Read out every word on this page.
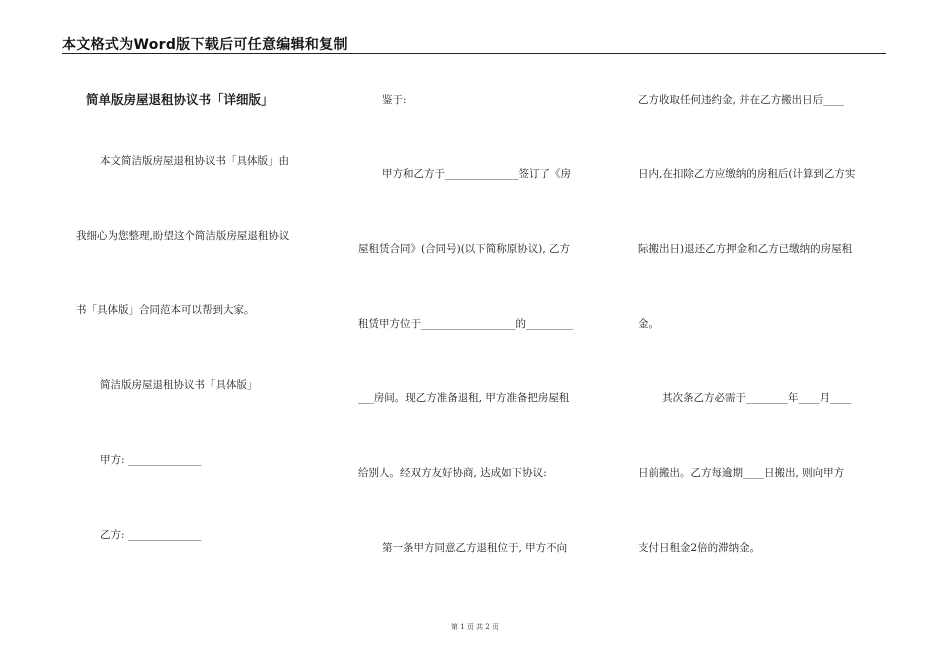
本文格式为Word版下载后可任意编辑和复制
简单版房屋退租协议书「详细版」
本文简洁版房屋退租协议书「具体版」由
我细心为您整理,盼望这个简洁版房屋退租协议
书「具体版」合同范本可以帮到大家。
简洁版房屋退租协议书「具体版」
甲方: ______________
乙方: ______________
鉴于:
甲方和乙方于______________签订了《房
屋租赁合同》(合同号)(以下简称原协议), 乙方
租赁甲方位于__________________的_________
___房间。现乙方准备退租, 甲方准备把房屋租
给别人。经双方友好协商, 达成如下协议:
第一条甲方同意乙方退租位于, 甲方不向
乙方收取任何违约金, 并在乙方搬出日后____
日内,在扣除乙方应缴纳的房租后(计算到乙方实
际搬出日)退还乙方押金和乙方已缴纳的房屋租
金。
其次条乙方必需于________年____月____
日前搬出。乙方每逾期____日搬出, 则向甲方
支付日租金2倍的滞纳金。
第 1 页 共 2 页
